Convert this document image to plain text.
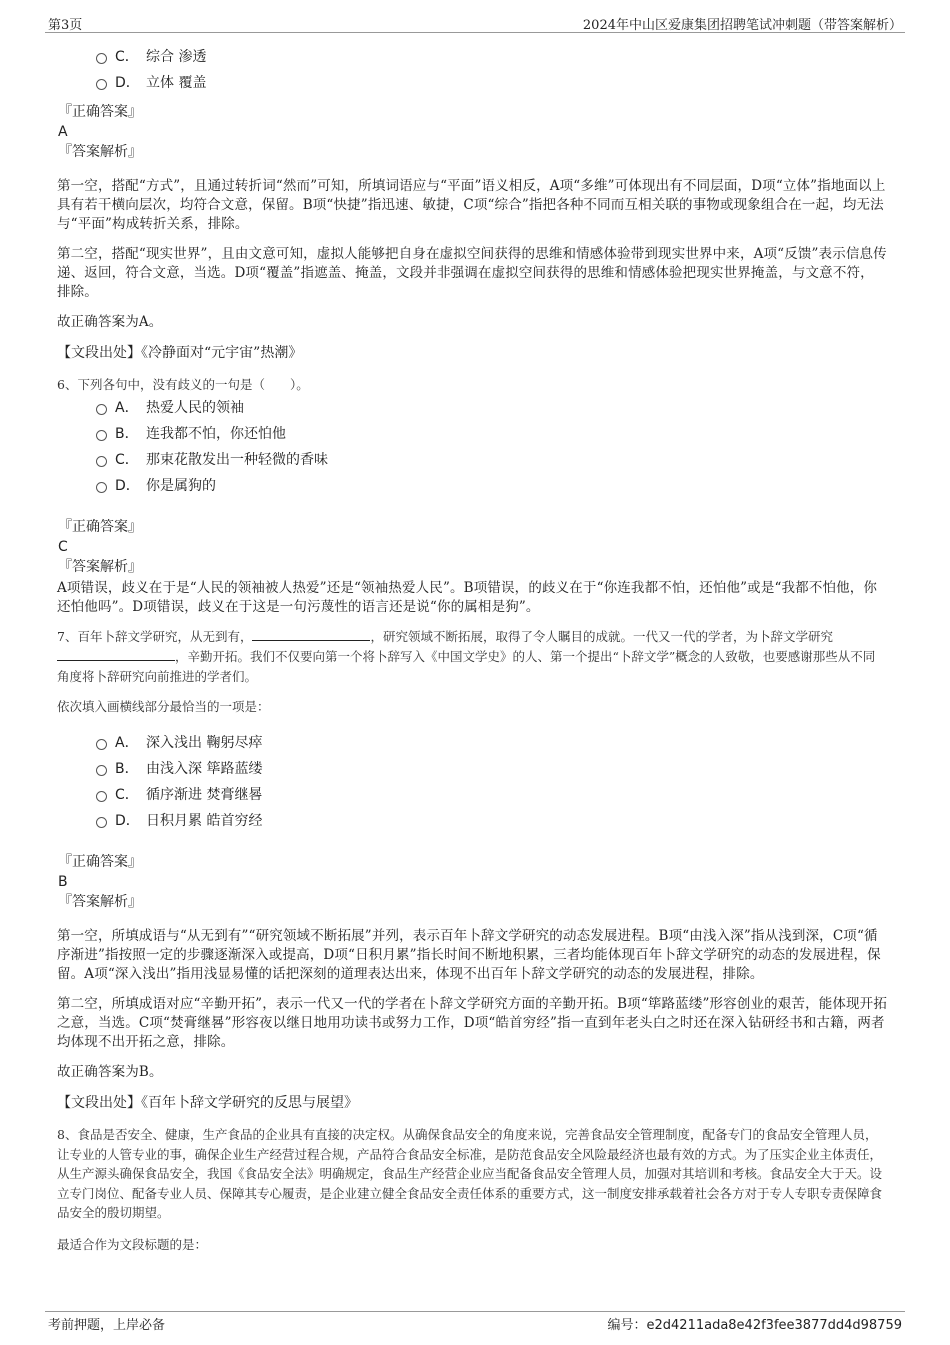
第3页	2024年中山区爱康集团招聘笔试冲刺题（带答案解析）
C． 综合 渗透
D． 立体 覆盖
『正确答案』
A
『答案解析』

第一空，搭配“方式”，且通过转折词“然而”可知，所填词语应与“平面”语义相反，A项“多维”可体现出有不同层面，D项“立体”指地面以上具有若干横向层次，均符合文意，保留。B项“快捷”指迅速、敏捷，C项“综合”指把各种不同而互相关联的事物或现象组合在一起，均无法与“平面”构成转折关系，排除。

第二空，搭配“现实世界”，且由文意可知，虚拟人能够把自身在虚拟空间获得的思维和情感体验带到现实世界中来，A项“反馈”表示信息传递、返回，符合文意，当选。D项“覆盖”指遮盖、掩盖，文段并非强调在虚拟空间获得的思维和情感体验把现实世界掩盖，与文意不符，排除。

故正确答案为A。

【文段出处】《冷静面对“元宇宙”热潮》

6、下列各句中，没有歧义的一句是（　　）。

A． 热爱人民的领袖
B． 连我都不怕，你还怕他
C． 那束花散发出一种轻微的香味
D． 你是属狗的
『正确答案』
C
『答案解析』

A项错误，歧义在于是“人民的领袖被人热爱”还是“领袖热爱人民”。B项错误，的歧义在于“你连我都不怕，还怕他”或是“我都不怕他，你还怕他吗”。D项错误，歧义在于这是一句污蔑性的语言还是说“你的属相是狗”。

7、百年卜辞文学研究，从无到有，	，研究领域不断拓展，取得了令人瞩目的成就。一代又一代的学者，为卜辞文学研究，辛勤开拓。我们不仅要向第一个将卜辞写入《中国文学史》的人、第一个提出“卜辞文学”概念的人致敬，也要感谢那些从不同角度将卜辞研究向前推进的学者们。

依次填入画横线部分最恰当的一项是：

A． 深入浅出 鞠躬尽瘁
B． 由浅入深 筚路蓝缕
C． 循序渐进 焚膏继晷
D． 日积月累 皓首穷经
『正确答案』
B
『答案解析』

第一空，所填成语与“从无到有”“研究领域不断拓展”并列，表示百年卜辞文学研究的动态发展进程。B项“由浅入深”指从浅到深，C项“循序渐进”指按照一定的步骤逐渐深入或提高，D项“日积月累”指长时间不断地积累，三者均能体现百年卜辞文学研究的动态的发展进程，保留。A项“深入浅出”指用浅显易懂的话把深刻的道理表达出来，体现不出百年卜辞文学研究的动态的发展进程，排除。

第二空，所填成语对应“辛勤开拓”，表示一代又一代的学者在卜辞文学研究方面的辛勤开拓。B项“筚路蓝缕”形容创业的艰苦，能体现开拓之意，当选。C项“焚膏继晷”形容夜以继日地用功读书或努力工作，D项“皓首穷经”指一直到年老头白之时还在深入钻研经书和古籍，两者均体现不出开拓之意，排除。

故正确答案为B。

【文段出处】《百年卜辞文学研究的反思与展望》

8、食品是否安全、健康，生产食品的企业具有直接的决定权。从确保食品安全的角度来说，完善食品安全管理制度，配备专门的食品安全管理人员，让专业的人管专业的事，确保企业生产经营过程合规，产品符合食品安全标准，是防范食品安全风险最经济也最有效的方式。为了压实企业主体责任，从生产源头确保食品安全，我国《食品安全法》明确规定，食品生产经营企业应当配备食品安全管理人员，加强对其培训和考核。食品安全大于天。设立专门岗位、配备专业人员、保障其专心履责，是企业建立健全食品安全责任体系的重要方式，这一制度安排承载着社会各方对于专人专职专责保障食品安全的殷切期望。

最适合作为文段标题的是：

考前押题，上岸必备	编号：e2d4211ada8e42f3fee3877dd4d98759
